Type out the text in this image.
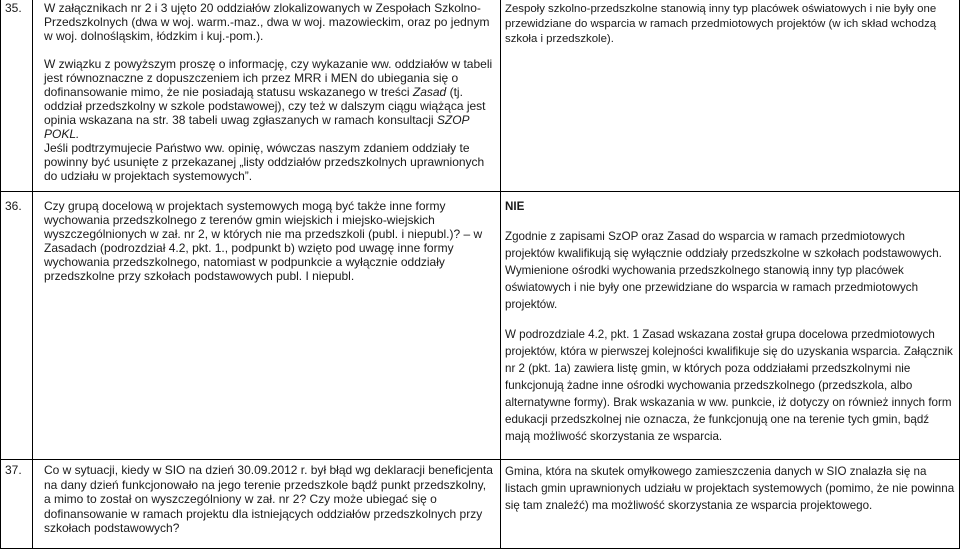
35. W załącznikach nr 2 i 3 ujęto 20 oddziałów zlokalizowanych w Zespołach Szkolno-Przedszkolnych (dwa w woj. warm.-maz., dwa w woj. mazowieckim, oraz po jednym w woj. dolnośląskim, łódzkim i kuj.-pom.).

W związku z powyższym proszę o informację, czy wykazanie ww. oddziałów w tabeli jest równoznaczne z dopuszczeniem ich przez MRR i MEN do ubiegania się o dofinansowanie mimo, że nie posiadają statusu wskazanego w treści Zasad (tj. oddział przedszkolny w szkole podstawowej), czy też w dalszym ciągu wiążąca jest opinia wskazana na str. 38 tabeli uwag zgłaszanych w ramach konsultacji SZOP POKL.

Jeśli podtrzymujecie Państwo ww. opinię, wówczas naszym zdaniem oddziały te powinny być usunięte z przekazanej „listy oddziałów przedszkolnych uprawnionych do udziału w projektach systemowych”.

Zespoły szkolno-przedszkolne stanowią inny typ placówek oświatowych i nie były one przewidziane do wsparcia w ramach przedmiotowych projektów (w ich skład wchodzą szkoła i przedszkole).

36. Czy grupą docelową w projektach systemowych mogą być także inne formy wychowania przedszkolnego z terenów gmin wiejskich i miejsko-wiejskich wyszczególnionych w zał. nr 2, w których nie ma przedszkoli (publ. i niepubl.)? – w Zasadach (podrozdział 4.2, pkt. 1., podpunkt b) wzięto pod uwagę inne formy wychowania przedszkolnego, natomiast w podpunkcie a wyłącznie oddziały przedszkolne przy szkołach podstawowych publ. I niepubl.

NIE

Zgodnie z zapisami SzOP oraz Zasad do wsparcia w ramach przedmiotowych projektów kwalifikują się wyłącznie oddziały przedszkolne w szkołach podstawowych. Wymienione ośrodki wychowania przedszkolnego stanowią inny typ placówek oświatowych i nie były one przewidziane do wsparcia w ramach przedmiotowych projektów.

W podrozdziale 4.2, pkt. 1 Zasad wskazana został grupa docelowa przedmiotowych projektów, która w pierwszej kolejności kwalifikuje się do uzyskania wsparcia. Załącznik nr 2 (pkt. 1a) zawiera listę gmin, w których poza oddziałami przedszkolnymi nie funkcjonują żadne inne ośrodki wychowania przedszkolnego (przedszkola, albo alternatywne formy). Brak wskazania w ww. punkcie, iż dotyczy on również innych form edukacji przedszkolnej nie oznacza, że funkcjonują one na terenie tych gmin, bądź mają możliwość skorzystania ze wsparcia.

37. Co w sytuacji, kiedy w SIO na dzień 30.09.2012 r. był błąd wg deklaracji beneficjenta na dany dzień funkcjonowało na jego terenie przedszkole bądź punkt przedszkolny, a mimo to został on wyszczególniony w zał. nr 2? Czy może ubiegać się o dofinansowanie w ramach projektu dla istniejących oddziałów przedszkolnych przy szkołach podstawowych?

Gmina, która na skutek omyłkowego zamieszczenia danych w SIO znalazła się na listach gmin uprawnionych udziału w projektach systemowych (pomimo, że nie powinna się tam znaleźć) ma możliwość skorzystania ze wsparcia projektowego.
